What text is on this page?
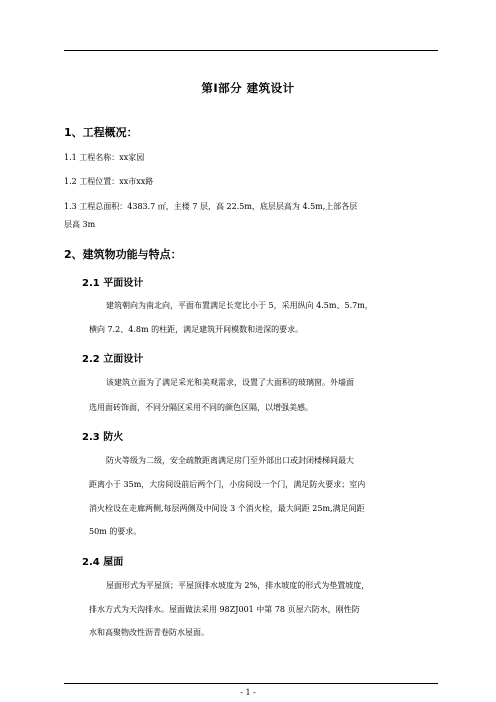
第Ⅰ部分 建筑设计
1、工程概况：
1.1 工程名称：xx家园
1.2 工程位置：xx市xx路
1.3 工程总面积：4383.7 ㎡，主楼 7 层，高 22.5m，底层层高为 4.5m,上部各层
层高 3m
2、建筑物功能与特点：
2.1 平面设计
建筑朝向为南北向，平面布置满足长宽比小于 5，采用纵向 4.5m、5.7m，
横向 7.2、4.8m 的柱距，满足建筑开间模数和进深的要求。
2.2 立面设计
该建筑立面为了满足采光和美观需求，设置了大面积的玻璃窗。外墙面
选用面砖饰面，不同分隔区采用不同的颜色区隔，以增强美感。
2.3 防火
防火等级为二级，安全疏散距离满足房门至外部出口或封闭楼梯间最大
距离小于 35m，大房间设前后两个门，小房间设一个门，满足防火要求；室内
消火栓设在走廊两侧,每层两侧及中间设 3 个消火栓，最大间距 25m,满足间距
50m 的要求。
2.4 屋面
屋面形式为平屋顶；平屋顶排水坡度为 2%，排水坡度的形式为垫置坡度，
排水方式为天沟排水。屋面做法采用 98ZJ001 中第 78 页屋六防水，刚性防
水和高聚物改性沥青卷防水屋面。
- 1 -
